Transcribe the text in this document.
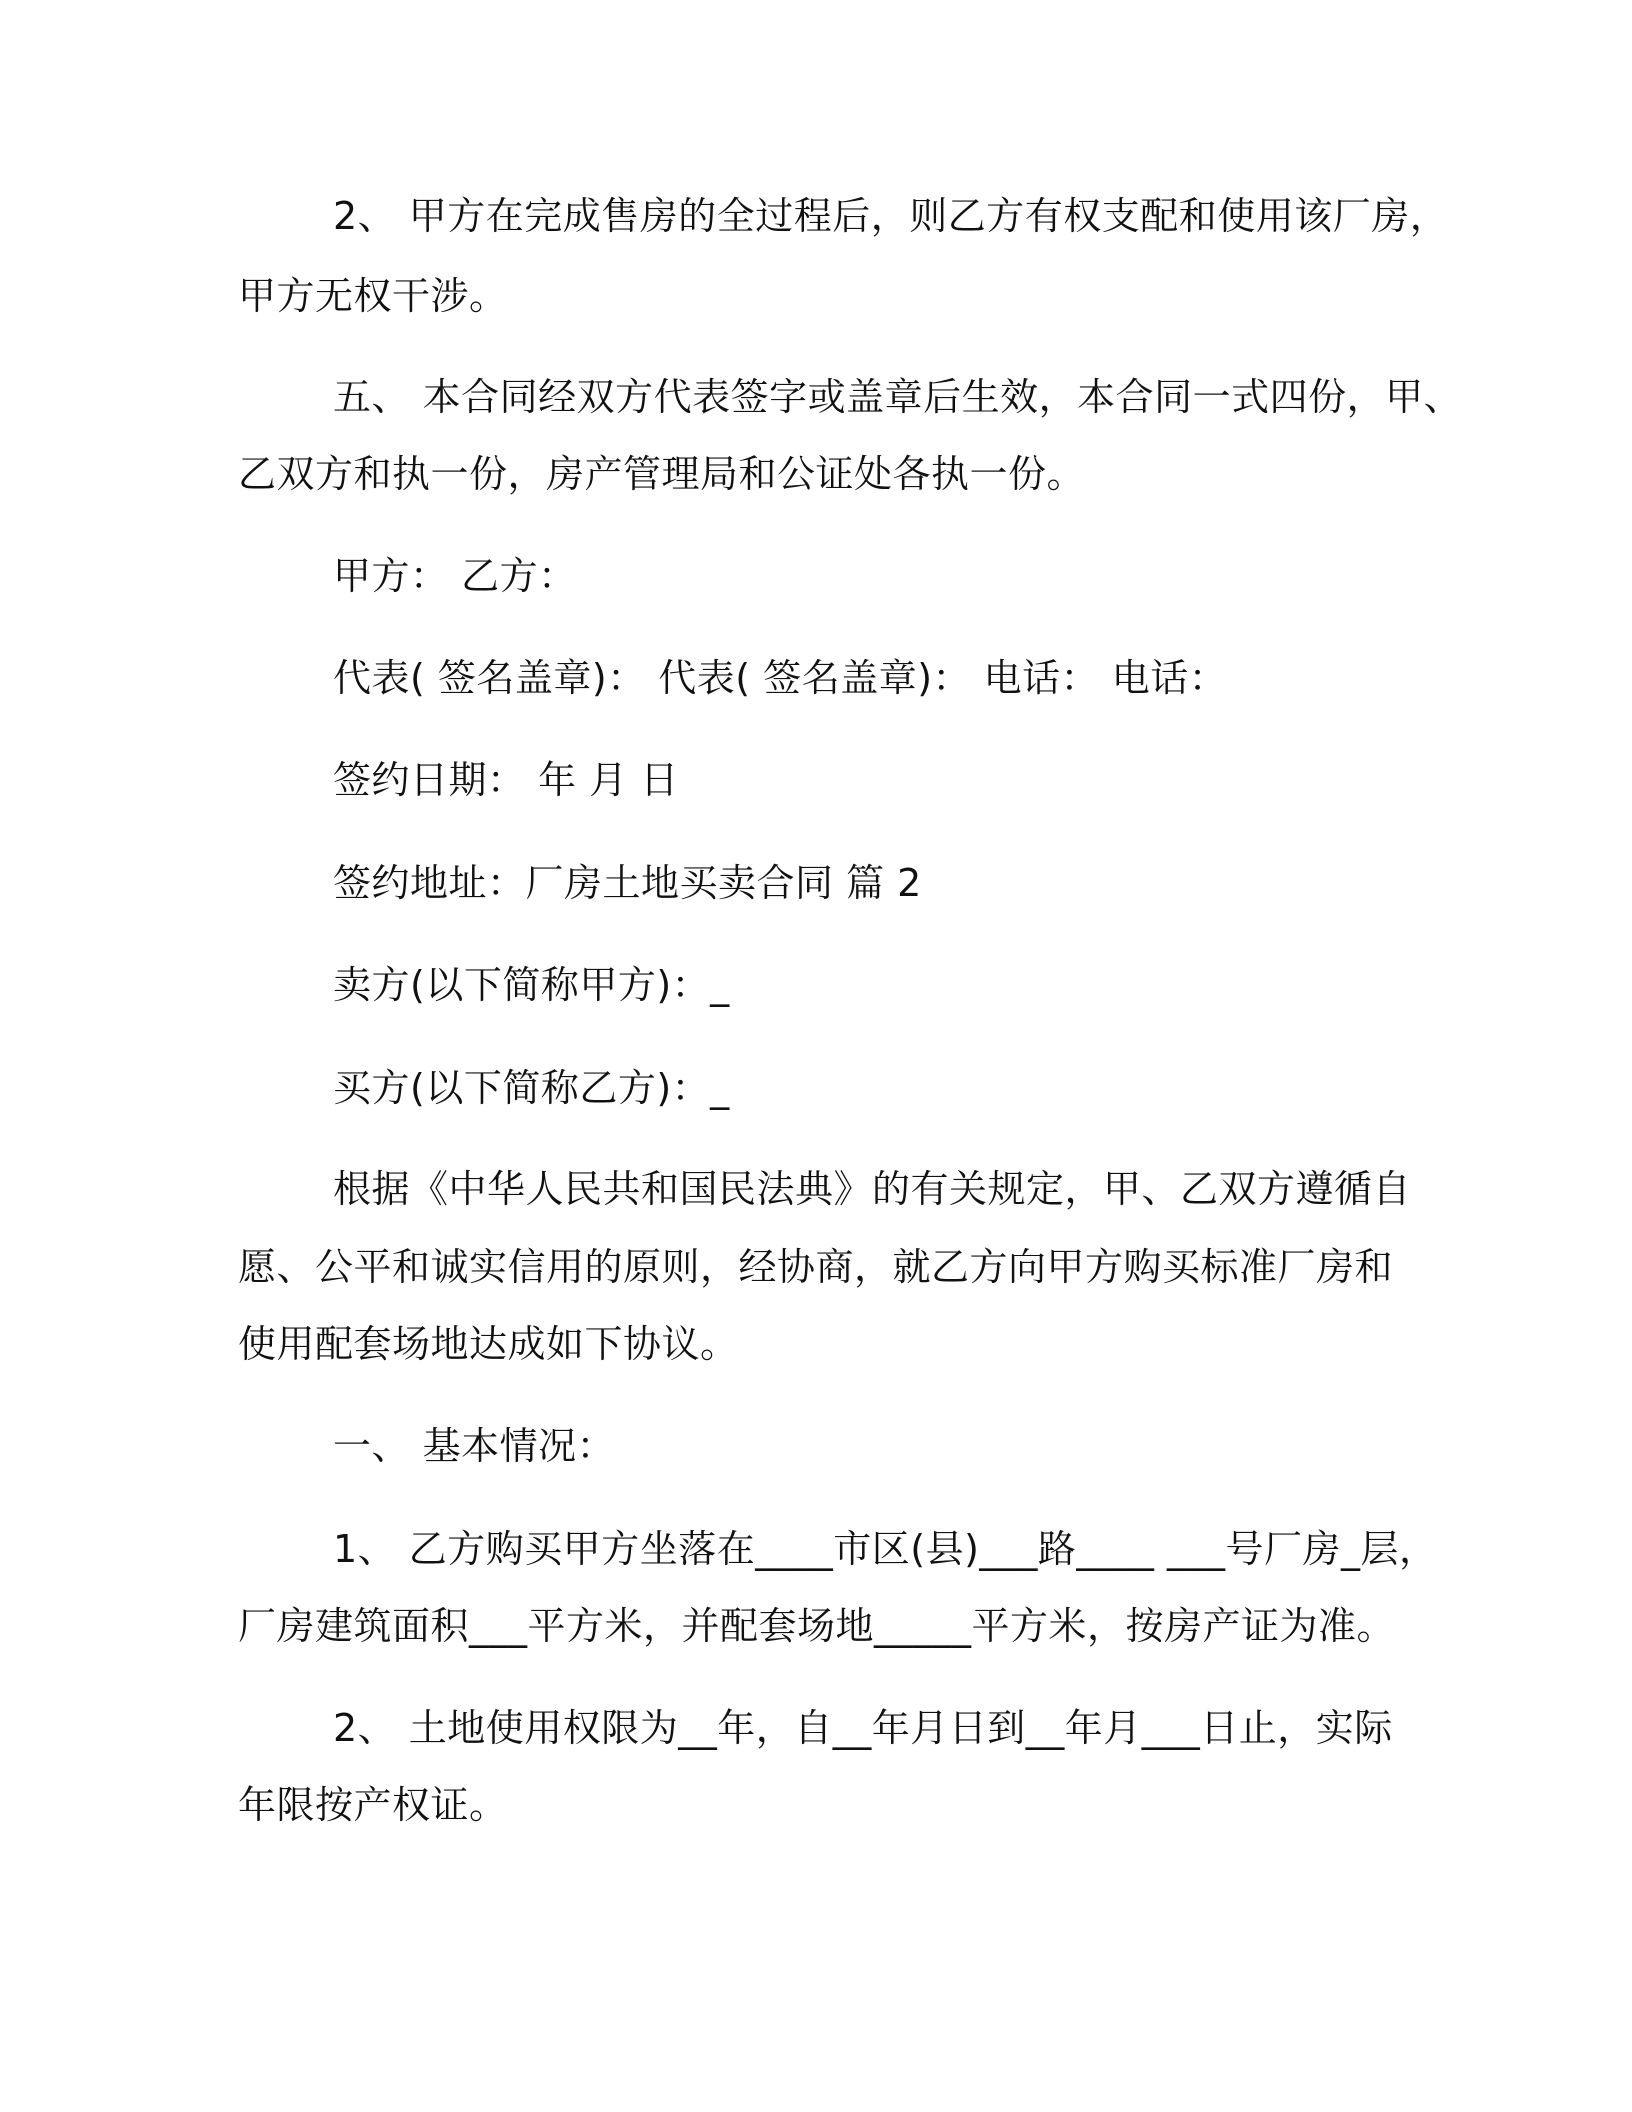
2、 甲方在完成售房的全过程后，则乙方有权支配和使用该厂房，
甲方无权干涉。
五、 本合同经双方代表签字或盖章后生效，本合同一式四份，甲、
乙双方和执一份，房产管理局和公证处各执一份。
甲方： 乙方：
代表( 签名盖章)： 代表( 签名盖章)： 电话： 电话：
签约日期： 年 月 日
签约地址：厂房土地买卖合同 篇 2
卖方(以下简称甲方)：_
买方(以下简称乙方)：_
根据《中华人民共和国民法典》的有关规定，甲、乙双方遵循自
愿、公平和诚实信用的原则，经协商，就乙方向甲方购买标准厂房和
使用配套场地达成如下协议。
一、 基本情况：
1、 乙方购买甲方坐落在____市区(县)___路____ ___号厂房_层，
厂房建筑面积___平方米，并配套场地_____平方米，按房产证为准。
2、 土地使用权限为__年，自__年月日到__年月___日止，实际
年限按产权证。
